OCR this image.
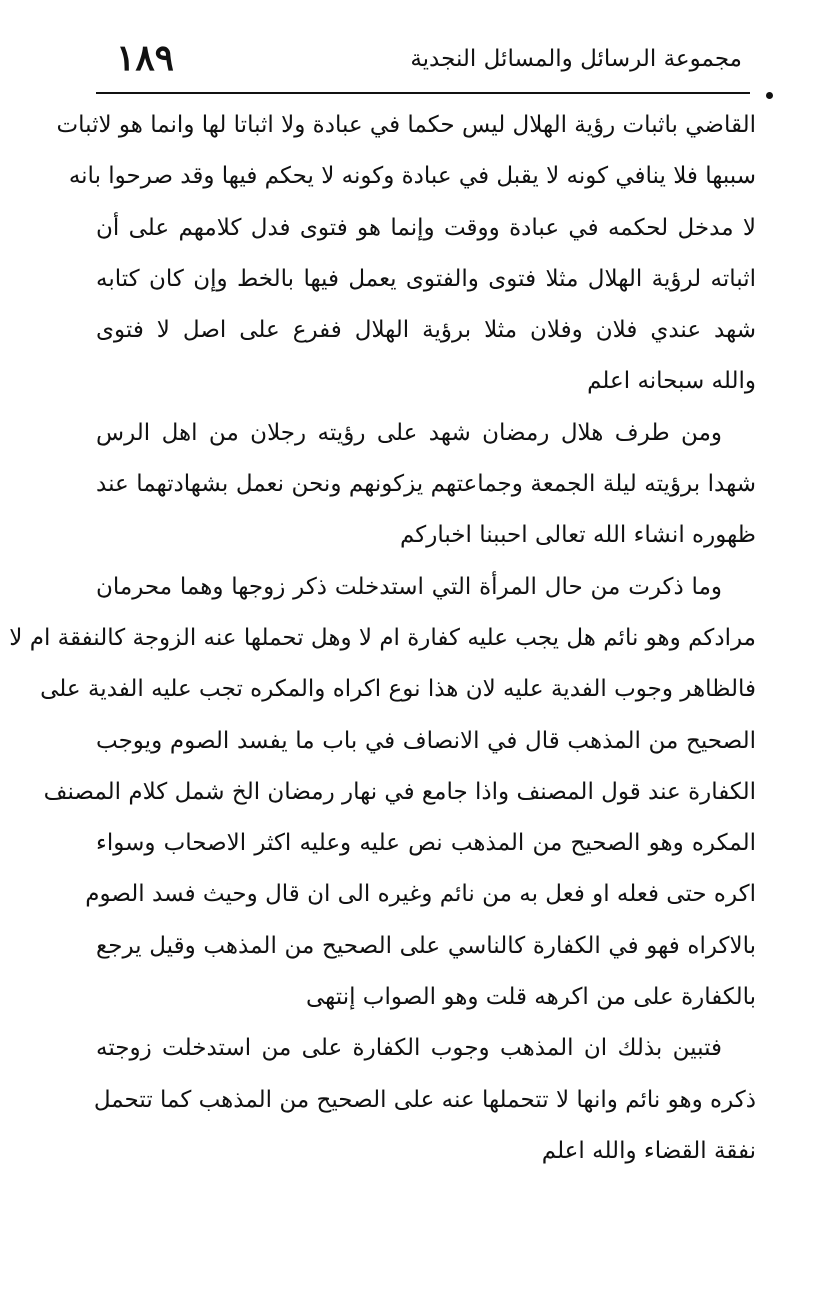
١٨٩	مجموعة الرسائل والمسائل النجدية
القاضي باثبات رؤية الهلال ليس حكما في عبادة ولا اثباتا لها وانما هو لاثبات
سببها فلا ينافي كونه لا يقبل في عبادة وكونه لا يحكم فيها وقد صرحوا بانه
لا مدخل لحكمه في عبادة ووقت وإنما هو فتوى فدل كلامهم على أن
اثباته لرؤية الهلال مثلا فتوى والفتوى يعمل فيها بالخط وإن كان كتابه
شهد عندي فلان وفلان مثلا برؤية الهلال ففرع على اصل لا فتوى
والله سبحانه اعلم
ومن طرف هلال رمضان شهد على رؤيته رجلان من اهل الرس
شهدا برؤيته ليلة الجمعة وجماعتهم يزكونهم ونحن نعمل بشهادتهما عند
ظهوره انشاء الله تعالى احببنا اخباركم
وما ذكرت من حال المرأة التي استدخلت ذكر زوجها وهما محرمان
مرادكم وهو نائم هل يجب عليه كفارة ام لا وهل تحملها عنه الزوجة كالنفقة ام لا
فالظاهر وجوب الفدية عليه لان هذا نوع اكراه والمكره تجب عليه الفدية على
الصحيح من المذهب قال في الانصاف في باب ما يفسد الصوم ويوجب
الكفارة عند قول المصنف واذا جامع في نهار رمضان الخ شمل كلام المصنف
المكره وهو الصحيح من المذهب نص عليه وعليه اكثر الاصحاب وسواء
اكره حتى فعله او فعل به من نائم وغيره الى ان قال وحيث فسد الصوم
بالاكراه فهو في الكفارة كالناسي على الصحيح من المذهب وقيل يرجع
بالكفارة على من اكرهه قلت وهو الصواب إنتهى
فتبين بذلك ان المذهب وجوب الكفارة على من استدخلت زوجته
ذكره وهو نائم وانها لا تتحملها عنه على الصحيح من المذهب كما تتحمل
نفقة القضاء والله اعلم
